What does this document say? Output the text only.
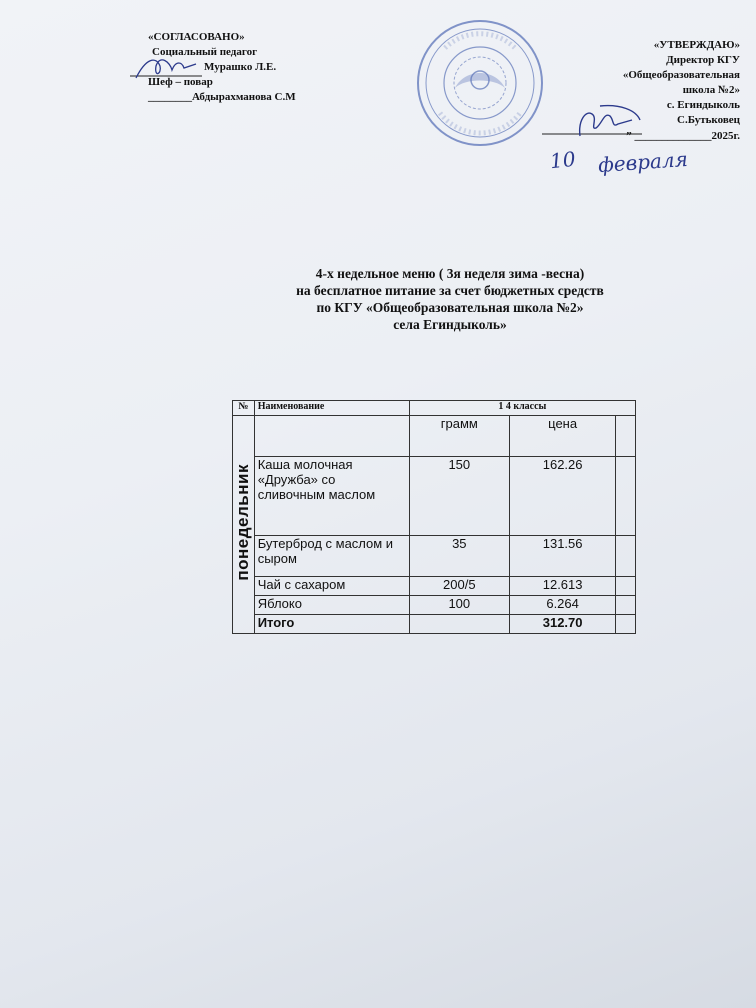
«СОГЛАСОВАНО»
Социальный педагог
Мурашко Л.Е.
Шеф – повар
________Абдырахманова С.М
«УТВЕРЖДАЮ»
Директор КГУ
«Общеобразовательная
школа №2»
с. Егиндыколь
С.Бутьковец
” ______________2025г.
10 февраля
4-х недельное меню ( 3я неделя зима -весна)
на бесплатное питание за счет бюджетных средств
по КГУ «Общеобразовательная школа №2»
села Егиндыколь»
№	Наименование	1 4 классы		
понедельник		грамм	цена	
	Каша молочная «Дружба» со сливочным маслом	150	162.26	
	Бутерброд с маслом и сыром	35	131.56	
	Чай с сахаром	200/5	12.613	
	Яблоко	100	6.264	
	Итого		312.70	
